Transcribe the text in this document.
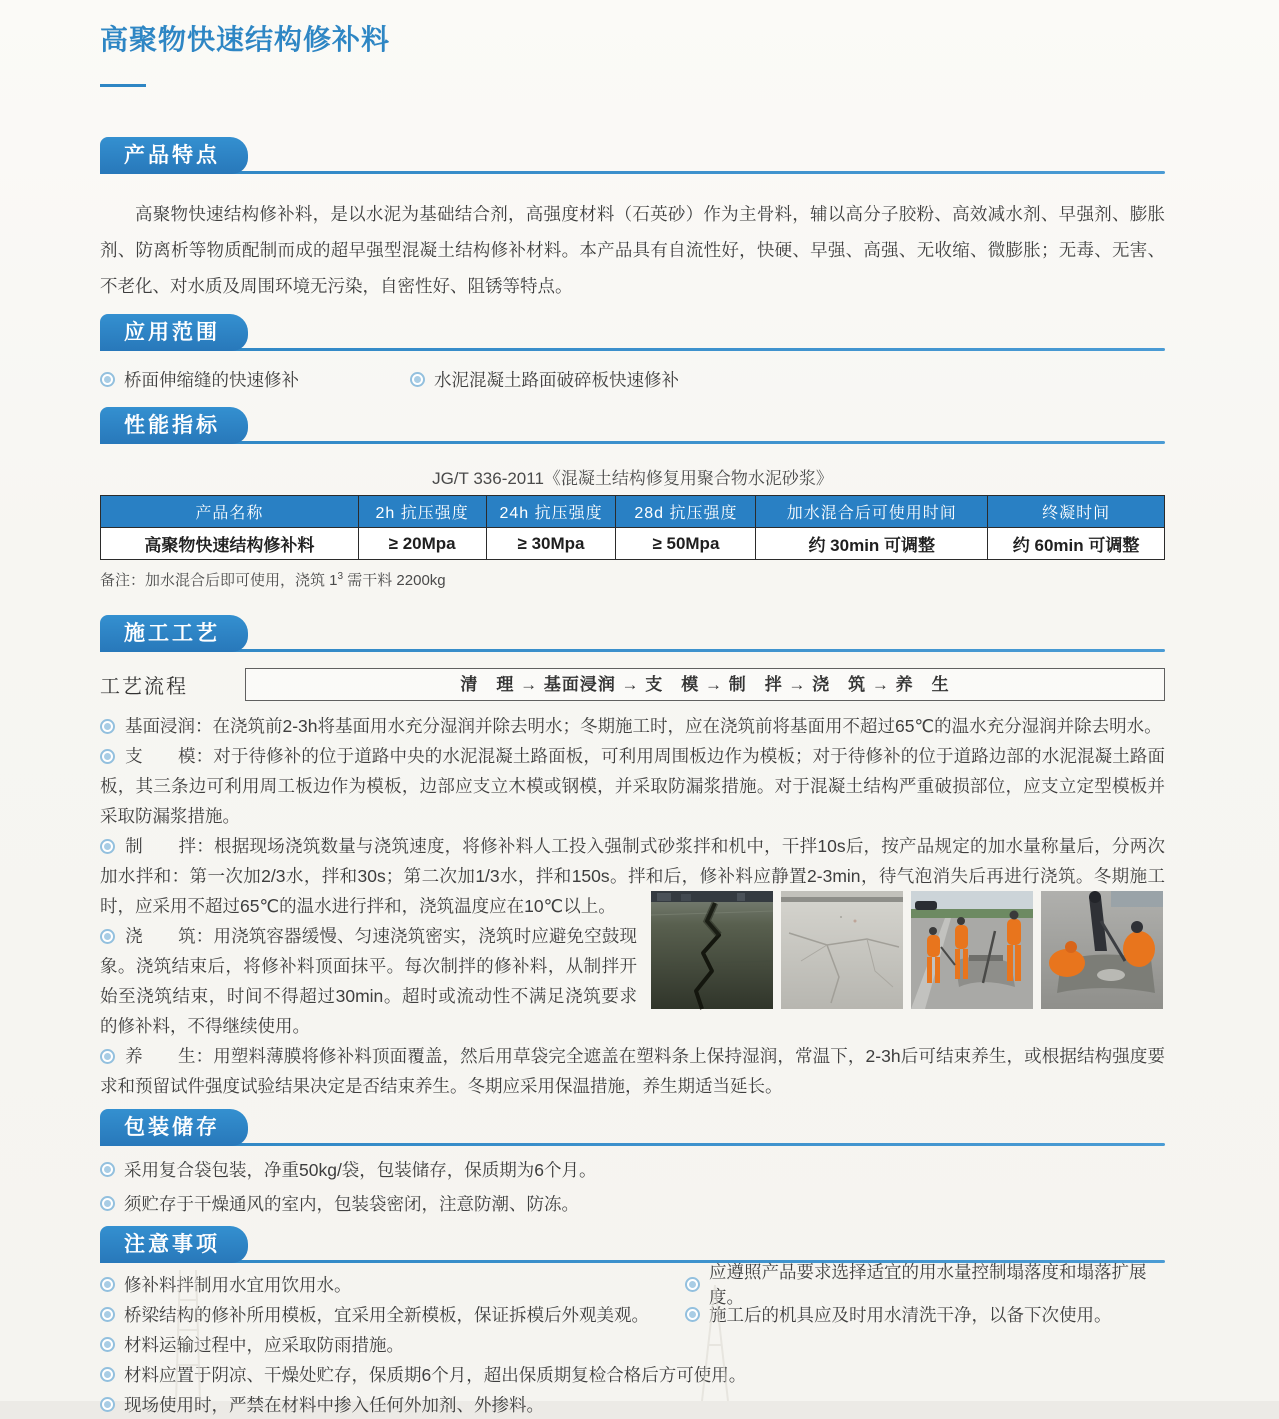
高聚物快速结构修补料
产品特点
高聚物快速结构修补料，是以水泥为基础结合剂，高强度材料（石英砂）作为主骨料，辅以高分子胶粉、高效减水剂、早强剂、膨胀剂、防离析等物质配制而成的超早强型混凝土结构修补材料。本产品具有自流性好，快硬、早强、高强、无收缩、微膨胀；无毒、无害、不老化、对水质及周围环境无污染，自密性好、阻锈等特点。
应用范围
桥面伸缩缝的快速修补	水泥混凝土路面破碎板快速修补
性能指标
JG/T 336-2011《混凝土结构修复用聚合物水泥砂浆》
产品名称	2h 抗压强度	24h 抗压强度	28d 抗压强度	加水混合后可使用时间	终凝时间
高聚物快速结构修补料	≥ 20Mpa	≥ 30Mpa	≥ 50Mpa	约 30min 可调整	约 60min 可调整
备注：加水混合后即可使用，浇筑 $1^3$ 需干料 2200kg
施工工艺
工艺流程	清　理 → 基面浸润 → 支　模 → 制　拌 → 浇　筑 → 养　生
基面浸润：在浇筑前2-3h将基面用水充分湿润并除去明水；冬期施工时，应在浇筑前将基面用不超过65℃的温水充分湿润并除去明水。
支　　模：对于待修补的位于道路中央的水泥混凝土路面板，可利用周围板边作为模板；对于待修补的位于道路边部的水泥混凝土路面板，其三条边可利用周工板边作为模板，边部应支立木模或钢模，并采取防漏浆措施。对于混凝土结构严重破损部位，应支立定型模板并采取防漏浆措施。
制　　拌：根据现场浇筑数量与浇筑速度，将修补料人工投入强制式砂浆拌和机中，干拌10s后，按产品规定的加水量称量后，分两次加水拌和：第一次加2/3水，拌和30s；第二次加1/3水，拌和150s。拌和后，修补料应静置2-3min，待气泡消失后再进行浇筑。冬期施工时，应采用不超过65℃的温水进行拌和，浇筑温度应在10℃以上。
浇　　筑：用浇筑容器缓慢、匀速浇筑密实，浇筑时应避免空鼓现象。浇筑结束后，将修补料顶面抹平。每次制拌的修补料，从制拌开始至浇筑结束，时间不得超过30min。超时或流动性不满足浇筑要求的修补料，不得继续使用。
养　　生：用塑料薄膜将修补料顶面覆盖，然后用草袋完全遮盖在塑料条上保持湿润，常温下，2-3h后可结束养生，或根据结构强度要求和预留试件强度试验结果决定是否结束养生。冬期应采用保温措施，养生期适当延长。
包装储存
采用复合袋包装，净重50kg/袋，包装储存，保质期为6个月。
须贮存于干燥通风的室内，包装袋密闭，注意防潮、防冻。
注意事项
修补料拌制用水宜用饮用水。
应遵照产品要求选择适宜的用水量控制塌落度和塌落扩展度。
桥梁结构的修补所用模板，宜采用全新模板，保证拆模后外观美观。	施工后的机具应及时用水清洗干净，以备下次使用。
材料运输过程中，应采取防雨措施。
材料应置于阴凉、干燥处贮存，保质期6个月，超出保质期复检合格后方可使用。
现场使用时，严禁在材料中掺入任何外加剂、外掺料。
